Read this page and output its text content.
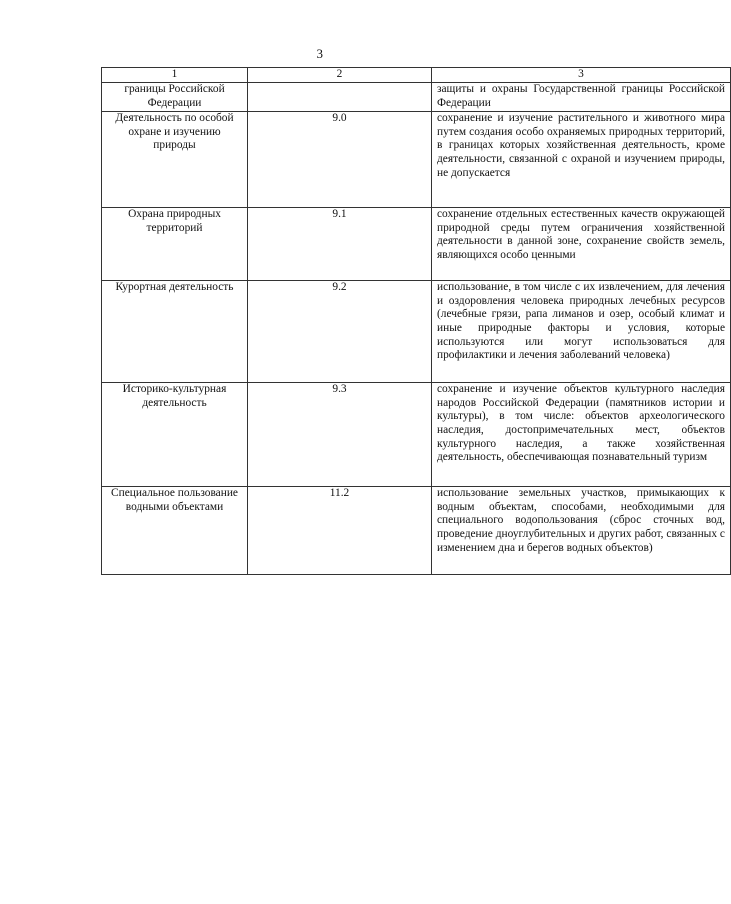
3
1	2	3
границы Российской Федерации		защиты и охраны Государственной границы Российской Федерации
Деятельность по особой охране и изучению природы	9.0	сохранение и изучение растительного и животного мира путем создания особо охраняемых природных территорий, в границах которых хозяйственная деятельность, кроме деятельности, связанной с охраной и изучением природы, не допускается
Охрана природных территорий	9.1	сохранение отдельных естественных качеств окружающей природной среды путем ограничения хозяйственной деятельности в данной зоне, сохранение свойств земель, являющихся особо ценными
Курортная деятельность	9.2	использование, в том числе с их извлечением, для лечения и оздоровления человека природных лечебных ресурсов (лечебные грязи, рапа лиманов и озер, особый климат и иные природные факторы и условия, которые используются или могут использоваться для профилактики и лечения заболеваний человека)
Историко-культурная деятельность	9.3	сохранение и изучение объектов культурного наследия народов Российской Федерации (памятников истории и культуры), в том числе: объектов археологического наследия, достопримечательных мест, объектов культурного наследия, а также хозяйственная деятельность, обеспечивающая познавательный туризм
Специальное пользование водными объектами	11.2	использование земельных участков, примыкающих к водным объектам, способами, необходимыми для специального водопользования (сброс сточных вод, проведение дноуглубительных и других работ, связанных с изменением дна и берегов водных объектов)
